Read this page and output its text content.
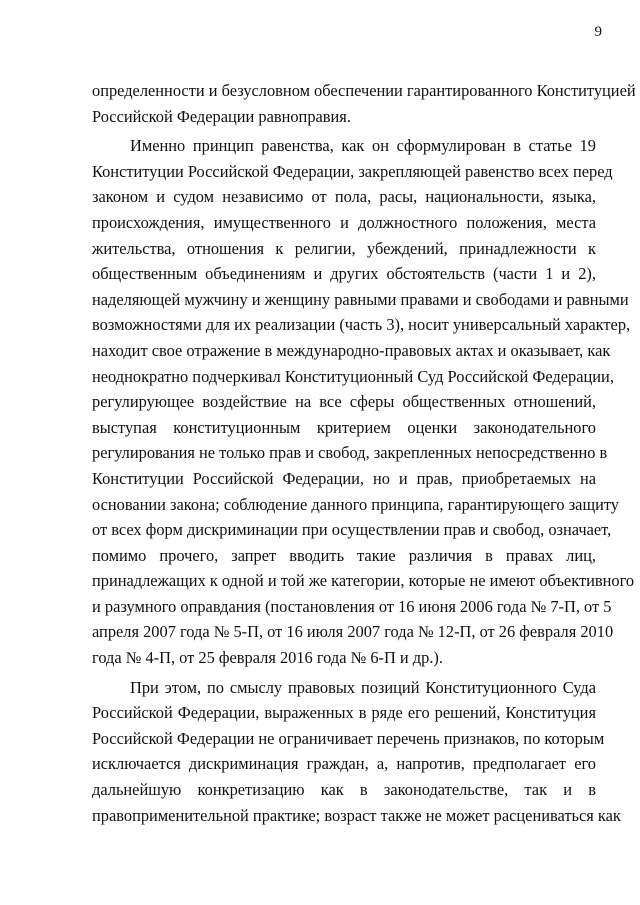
9
определенности и безусловном обеспечении гарантированного Конституцией
Российской Федерации равноправия.
Именно принцип равенства, как он сформулирован в статье 19
Конституции Российской Федерации, закрепляющей равенство всех перед
законом и судом независимо от пола, расы, национальности, языка,
происхождения, имущественного и должностного положения, места
жительства, отношения к религии, убеждений, принадлежности к
общественным объединениям и других обстоятельств (части 1 и 2),
наделяющей мужчину и женщину равными правами и свободами и равными
возможностями для их реализации (часть 3), носит универсальный характер,
находит свое отражение в международно-правовых актах и оказывает, как
неоднократно подчеркивал Конституционный Суд Российской Федерации,
регулирующее воздействие на все сферы общественных отношений,
выступая конституционным критерием оценки законодательного
регулирования не только прав и свобод, закрепленных непосредственно в
Конституции Российской Федерации, но и прав, приобретаемых на
основании закона; соблюдение данного принципа, гарантирующего защиту
от всех форм дискриминации при осуществлении прав и свобод, означает,
помимо прочего, запрет вводить такие различия в правах лиц,
принадлежащих к одной и той же категории, которые не имеют объективного
и разумного оправдания (постановления от 16 июня 2006 года № 7-П, от 5
апреля 2007 года № 5-П, от 16 июля 2007 года № 12-П, от 26 февраля 2010
года № 4-П, от 25 февраля 2016 года № 6-П и др.).
При этом, по смыслу правовых позиций Конституционного Суда
Российской Федерации, выраженных в ряде его решений, Конституция
Российской Федерации не ограничивает перечень признаков, по которым
исключается дискриминация граждан, а, напротив, предполагает его
дальнейшую конкретизацию как в законодательстве, так и в
правоприменительной практике; возраст также не может расцениваться как
